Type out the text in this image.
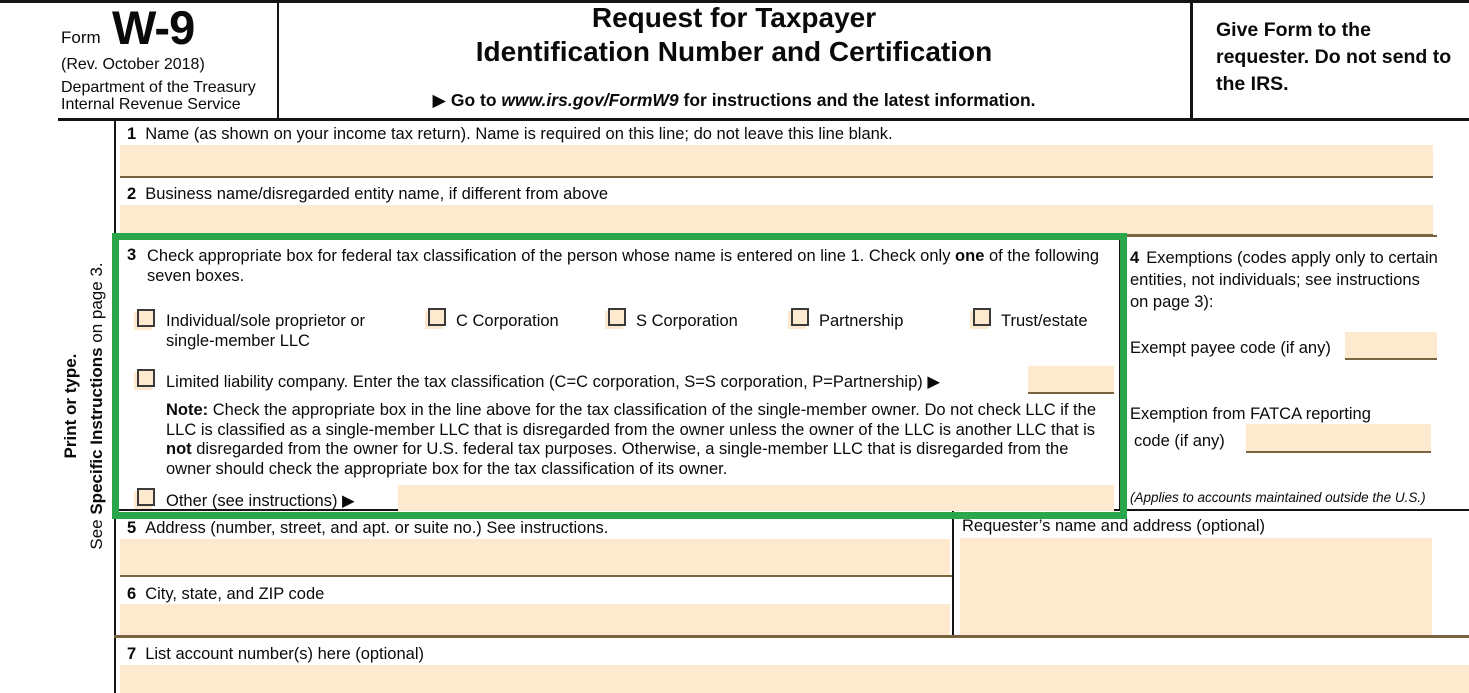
Form W-9
(Rev. October 2018)
Department of the Treasury
Internal Revenue Service
Request for Taxpayer
Identification Number and Certification
▶ Go to www.irs.gov/FormW9 for instructions and the latest information.
Give Form to the requester. Do not send to the IRS.
Print or type.
See Specific Instructions on page 3.
1 Name (as shown on your income tax return). Name is required on this line; do not leave this line blank.
2 Business name/disregarded entity name, if different from above
3 Check appropriate box for federal tax classification of the person whose name is entered on line 1. Check only one of the following seven boxes.
Individual/sole proprietor or single-member LLC
C Corporation	S Corporation	Partnership	Trust/estate
Limited liability company. Enter the tax classification (C=C corporation, S=S corporation, P=Partnership) ▶
Note: Check the appropriate box in the line above for the tax classification of the single-member owner. Do not check LLC if the LLC is classified as a single-member LLC that is disregarded from the owner unless the owner of the LLC is another LLC that is not disregarded from the owner for U.S. federal tax purposes. Otherwise, a single-member LLC that is disregarded from the owner should check the appropriate box for the tax classification of its owner.
Other (see instructions) ▶
4 Exemptions (codes apply only to certain entities, not individuals; see instructions on page 3):
Exempt payee code (if any)
Exemption from FATCA reporting
code (if any)
(Applies to accounts maintained outside the U.S.)
5 Address (number, street, and apt. or suite no.) See instructions.	Requester’s name and address (optional)
6 City, state, and ZIP code
7 List account number(s) here (optional)
